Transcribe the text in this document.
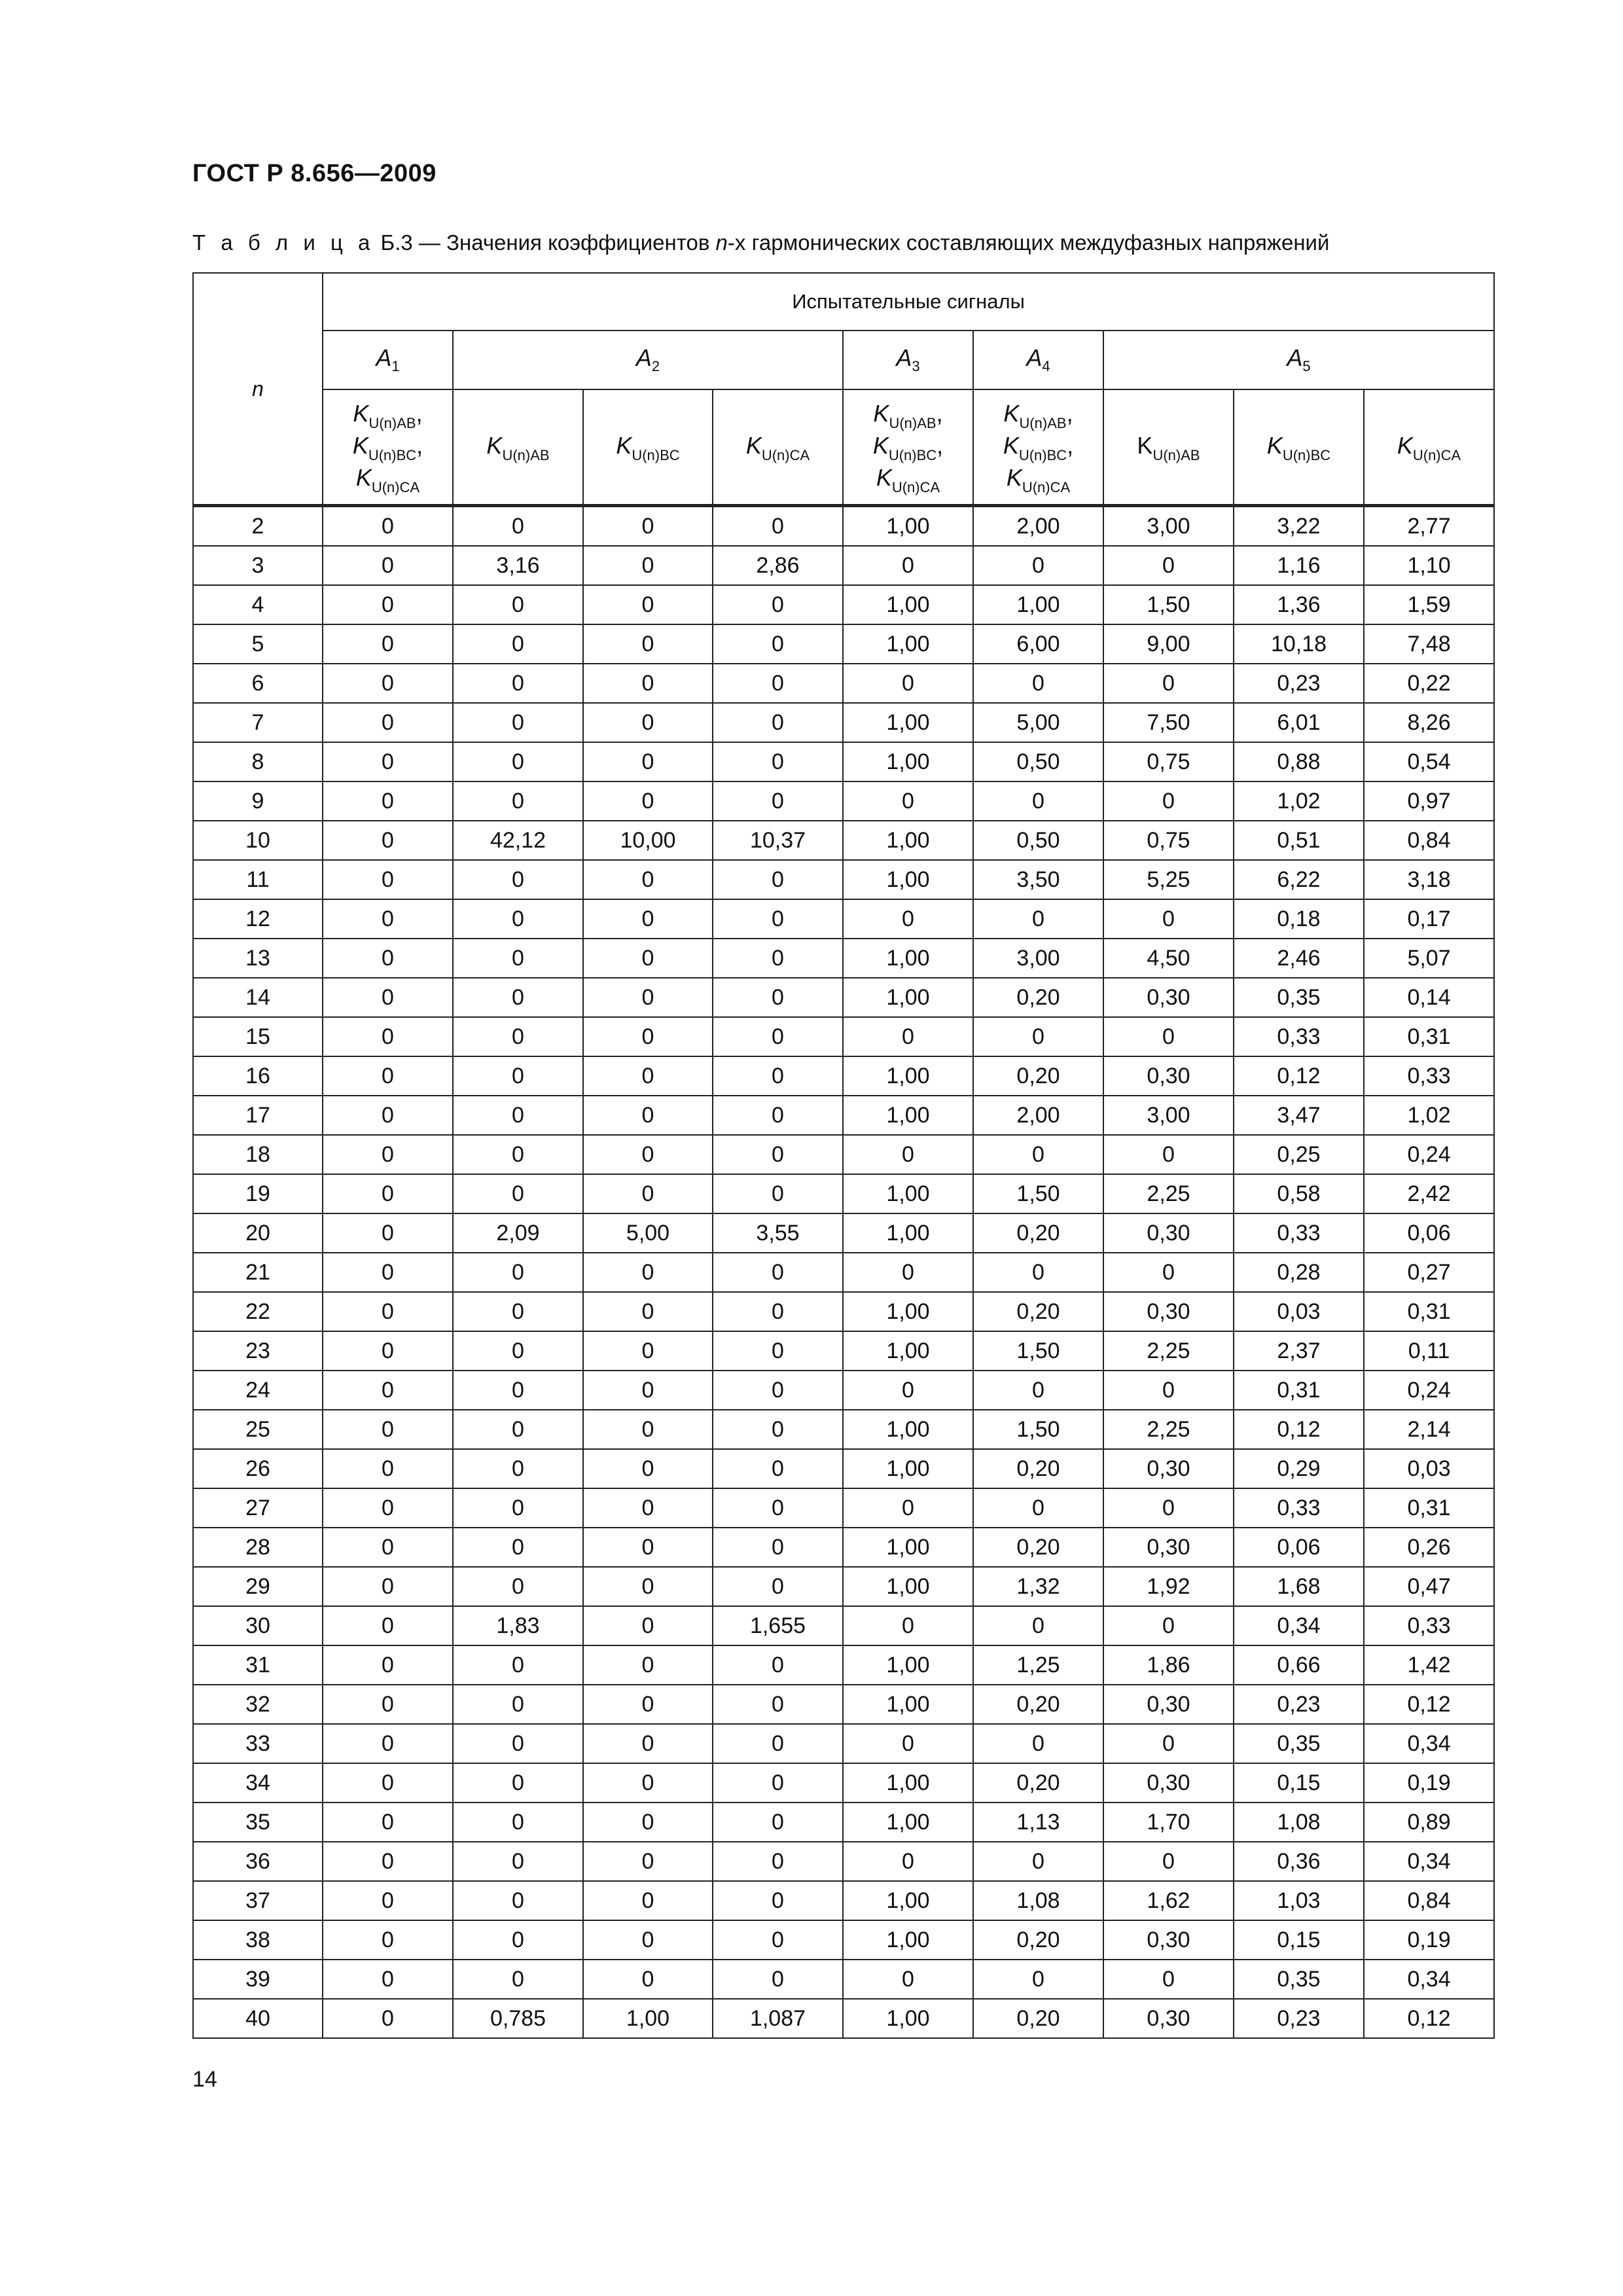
ГОСТ Р 8.656—2009
Т а б л и ц а Б.3 — Значения коэффициентов n-х гармонических составляющих междуфазных напряжений
n	Испытательные сигналы								
	$A_1$	$A_2$			$A_3$	$A_4$	$A_5$
	$K_{U(n)AB}$,
$K_{U(n)BC}$,
$K_{U(n)CA}$	$K_{U(n)AB}$	$K_{U(n)BC}$	$K_{U(n)CA}$	$K_{U(n)AB}$,
$K_{U(n)BC}$,
$K_{U(n)CA}$	$K_{U(n)AB}$,
$K_{U(n)BC}$,
$K_{U(n)CA}$	$K_{U(n)AB}$	$K_{U(n)BC}$	$K_{U(n)CA}$
2	0	0	0	0	1,00	2,00	3,00	3,22	2,77
3	0	3,16	0	2,86	0	0	0	1,16	1,10
4	0	0	0	0	1,00	1,00	1,50	1,36	1,59
5	0	0	0	0	1,00	6,00	9,00	10,18	7,48
6	0	0	0	0	0	0	0	0,23	0,22
7	0	0	0	0	1,00	5,00	7,50	6,01	8,26
8	0	0	0	0	1,00	0,50	0,75	0,88	0,54
9	0	0	0	0	0	0	0	1,02	0,97
10	0	42,12	10,00	10,37	1,00	0,50	0,75	0,51	0,84
11	0	0	0	0	1,00	3,50	5,25	6,22	3,18
12	0	0	0	0	0	0	0	0,18	0,17
13	0	0	0	0	1,00	3,00	4,50	2,46	5,07
14	0	0	0	0	1,00	0,20	0,30	0,35	0,14
15	0	0	0	0	0	0	0	0,33	0,31
16	0	0	0	0	1,00	0,20	0,30	0,12	0,33
17	0	0	0	0	1,00	2,00	3,00	3,47	1,02
18	0	0	0	0	0	0	0	0,25	0,24
19	0	0	0	0	1,00	1,50	2,25	0,58	2,42
20	0	2,09	5,00	3,55	1,00	0,20	0,30	0,33	0,06
21	0	0	0	0	0	0	0	0,28	0,27
22	0	0	0	0	1,00	0,20	0,30	0,03	0,31
23	0	0	0	0	1,00	1,50	2,25	2,37	0,11
24	0	0	0	0	0	0	0	0,31	0,24
25	0	0	0	0	1,00	1,50	2,25	0,12	2,14
26	0	0	0	0	1,00	0,20	0,30	0,29	0,03
27	0	0	0	0	0	0	0	0,33	0,31
28	0	0	0	0	1,00	0,20	0,30	0,06	0,26
29	0	0	0	0	1,00	1,32	1,92	1,68	0,47
30	0	1,83	0	1,655	0	0	0	0,34	0,33
31	0	0	0	0	1,00	1,25	1,86	0,66	1,42
32	0	0	0	0	1,00	0,20	0,30	0,23	0,12
33	0	0	0	0	0	0	0	0,35	0,34
34	0	0	0	0	1,00	0,20	0,30	0,15	0,19
35	0	0	0	0	1,00	1,13	1,70	1,08	0,89
36	0	0	0	0	0	0	0	0,36	0,34
37	0	0	0	0	1,00	1,08	1,62	1,03	0,84
38	0	0	0	0	1,00	0,20	0,30	0,15	0,19
39	0	0	0	0	0	0	0	0,35	0,34
40	0	0,785	1,00	1,087	1,00	0,20	0,30	0,23	0,12
14
